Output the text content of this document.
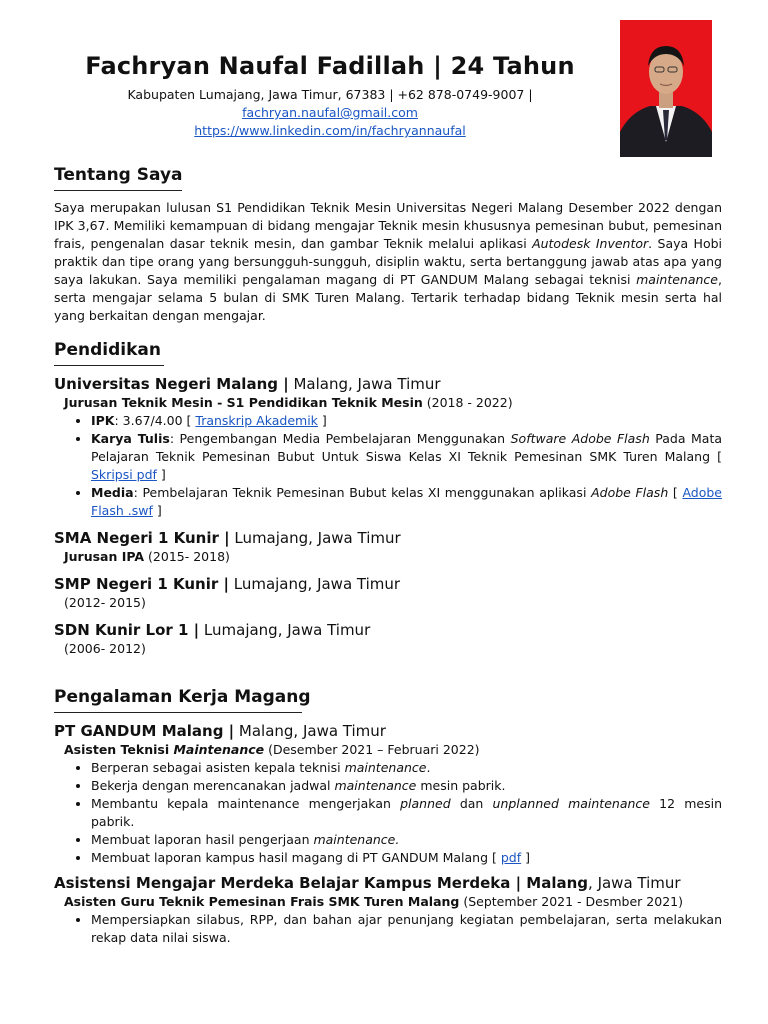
Fachryan Naufal Fadillah | 24 Tahun
Kabupaten Lumajang, Jawa Timur, 67383 | +62 878-0749-9007 |
fachryan.naufal@gmail.com
https://www.linkedin.com/in/fachryannaufal
Tentang Saya
Saya merupakan lulusan S1 Pendidikan Teknik Mesin Universitas Negeri Malang Desember 2022 dengan IPK 3,67. Memiliki kemampuan di bidang mengajar Teknik mesin khususnya pemesinan bubut, pemesinan frais, pengenalan dasar teknik mesin, dan gambar Teknik melalui aplikasi Autodesk Inventor. Saya Hobi praktik dan tipe orang yang bersungguh-sungguh, disiplin waktu, serta bertanggung jawab atas apa yang saya lakukan. Saya memiliki pengalaman magang di PT GANDUM Malang sebagai teknisi maintenance, serta mengajar selama 5 bulan di SMK Turen Malang. Tertarik terhadap bidang Teknik mesin serta hal yang berkaitan dengan mengajar.
Pendidikan
Universitas Negeri Malang | Malang, Jawa Timur
Jurusan Teknik Mesin - S1 Pendidikan Teknik Mesin (2018 - 2022)
• IPK: 3.67/4.00 [ Transkrip Akademik ]
• Karya Tulis: Pengembangan Media Pembelajaran Menggunakan Software Adobe Flash Pada Mata Pelajaran Teknik Pemesinan Bubut Untuk Siswa Kelas XI Teknik Pemesinan SMK Turen Malang [ Skripsi pdf ]
• Media: Pembelajaran Teknik Pemesinan Bubut kelas XI menggunakan aplikasi Adobe Flash [ Adobe Flash .swf ]
SMA Negeri 1 Kunir | Lumajang, Jawa Timur
Jurusan IPA (2015- 2018)
SMP Negeri 1 Kunir | Lumajang, Jawa Timur
(2012- 2015)
SDN Kunir Lor 1 | Lumajang, Jawa Timur
(2006- 2012)
Pengalaman Kerja Magang
PT GANDUM Malang | Malang, Jawa Timur
Asisten Teknisi Maintenance (Desember 2021 – Februari 2022)
• Berperan sebagai asisten kepala teknisi maintenance.
• Bekerja dengan merencanakan jadwal maintenance mesin pabrik.
• Membantu kepala maintenance mengerjakan planned dan unplanned maintenance 12 mesin pabrik.
• Membuat laporan hasil pengerjaan maintenance.
• Membuat laporan kampus hasil magang di PT GANDUM Malang [ pdf ]
Asistensi Mengajar Merdeka Belajar Kampus Merdeka | Malang, Jawa Timur
Asisten Guru Teknik Pemesinan Frais SMK Turen Malang (September 2021 - Desmber 2021)
• Mempersiapkan silabus, RPP, dan bahan ajar penunjang kegiatan pembelajaran, serta melakukan rekap data nilai siswa.
